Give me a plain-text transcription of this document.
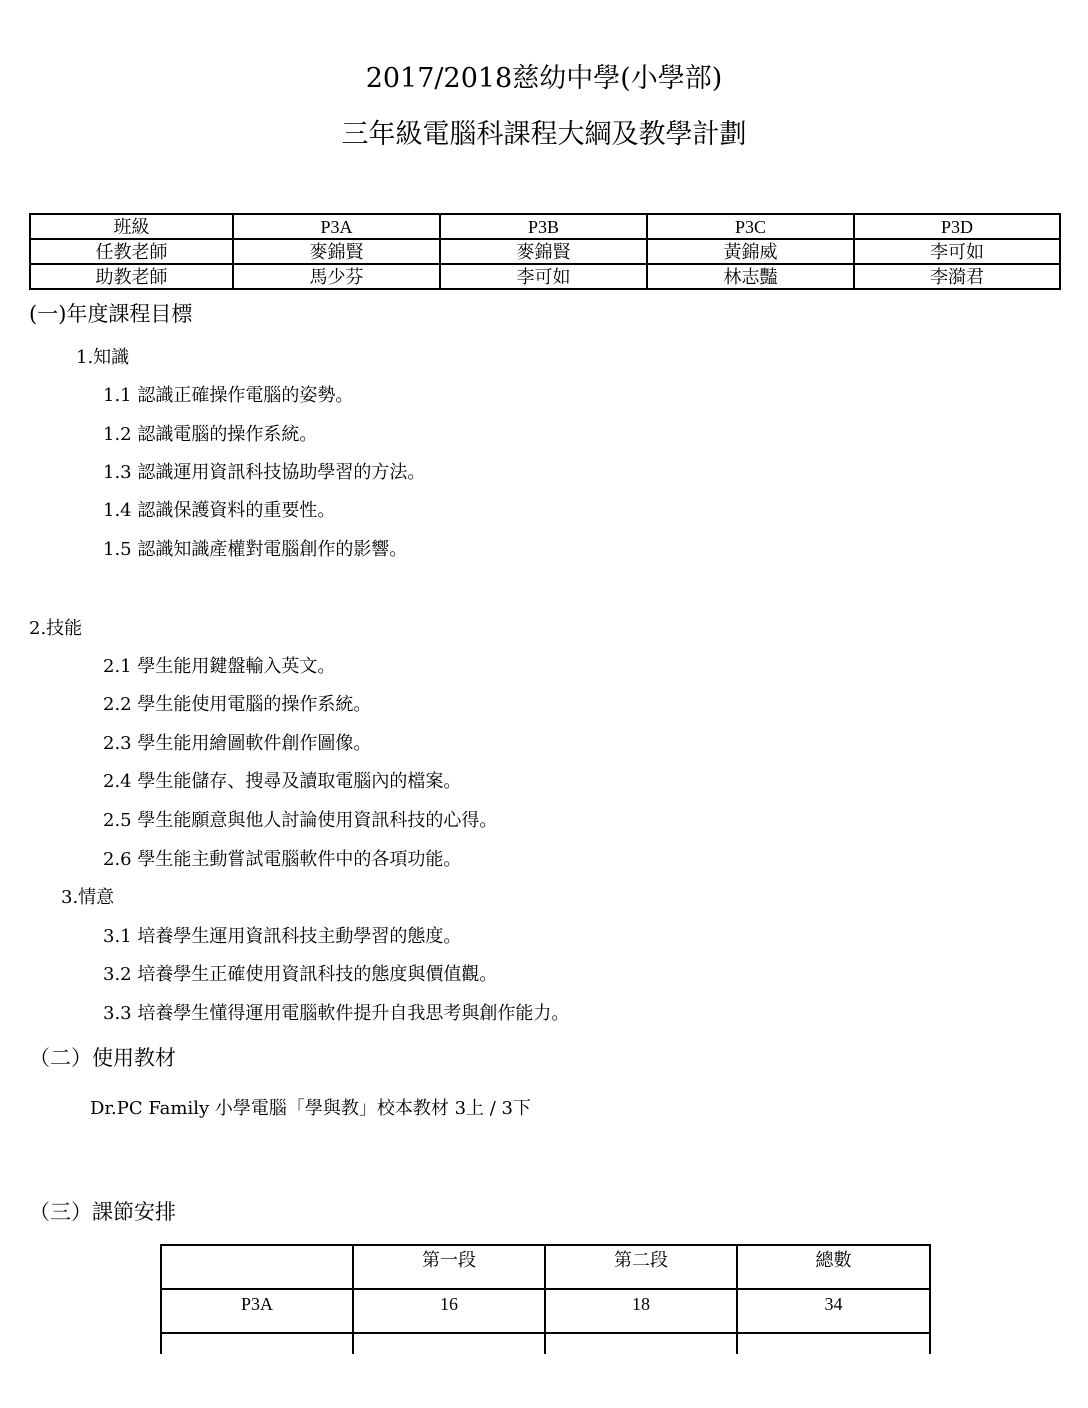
2017/2018慈幼中學(小學部)
三年級電腦科課程大綱及教學計劃
班級	P3A	P3B	P3C	P3D
任教老師	麥錦賢	麥錦賢	黃錦威	李可如
助教老師	馬少芬	李可如	林志豔	李漪君
(一)年度課程目標
1.知識
1.1 認識正確操作電腦的姿勢。
1.2 認識電腦的操作系統。
1.3 認識運用資訊科技協助學習的方法。
1.4 認識保護資料的重要性。
1.5 認識知識產權對電腦創作的影響。
2.技能
2.1 學生能用鍵盤輸入英文。
2.2 學生能使用電腦的操作系統。
2.3 學生能用繪圖軟件創作圖像。
2.4 學生能儲存、搜尋及讀取電腦內的檔案。
2.5 學生能願意與他人討論使用資訊科技的心得。
2.6 學生能主動嘗試電腦軟件中的各項功能。
3.情意
3.1 培養學生運用資訊科技主動學習的態度。
3.2 培養學生正確使用資訊科技的態度與價值觀。
3.3 培養學生懂得運用電腦軟件提升自我思考與創作能力。
（二）使用教材
Dr.PC Family 小學電腦「學與教」校本教材 3上 / 3下
（三）課節安排
	第一段	第二段	總數
P3A	16	18	34
